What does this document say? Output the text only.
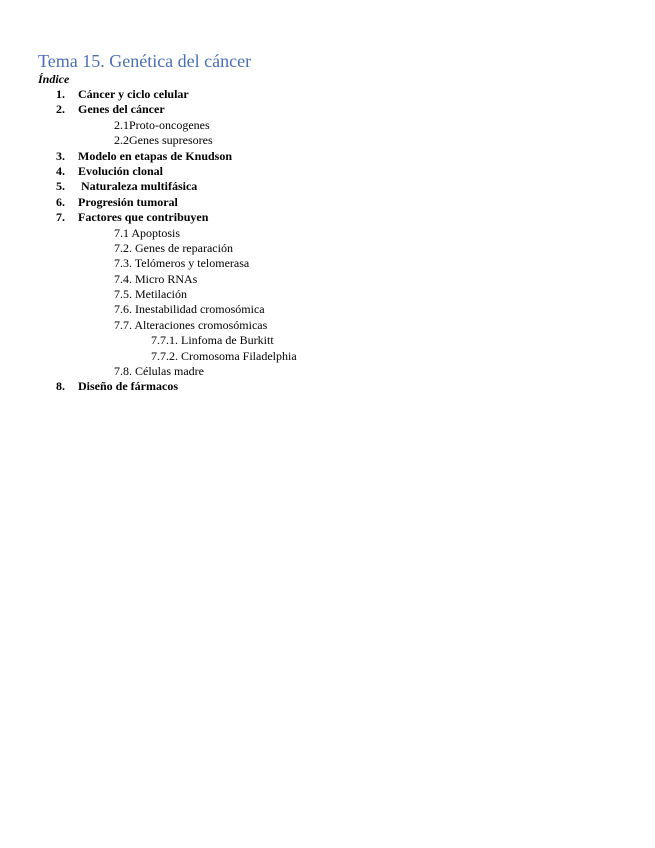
Tema 15. Genética del cáncer
Índice
1. Cáncer y ciclo celular
2. Genes del cáncer
2.1Proto-oncogenes
2.2Genes supresores
3. Modelo en etapas de Knudson
4. Evolución clonal
5. Naturaleza multifásica
6. Progresión tumoral
7. Factores que contribuyen
7.1 Apoptosis
7.2. Genes de reparación
7.3. Telómeros y telomerasa
7.4. Micro RNAs
7.5. Metilación
7.6. Inestabilidad cromosómica
7.7. Alteraciones cromosómicas
7.7.1. Linfoma de Burkitt
7.7.2. Cromosoma Filadelphia
7.8. Células madre
8. Diseño de fármacos
